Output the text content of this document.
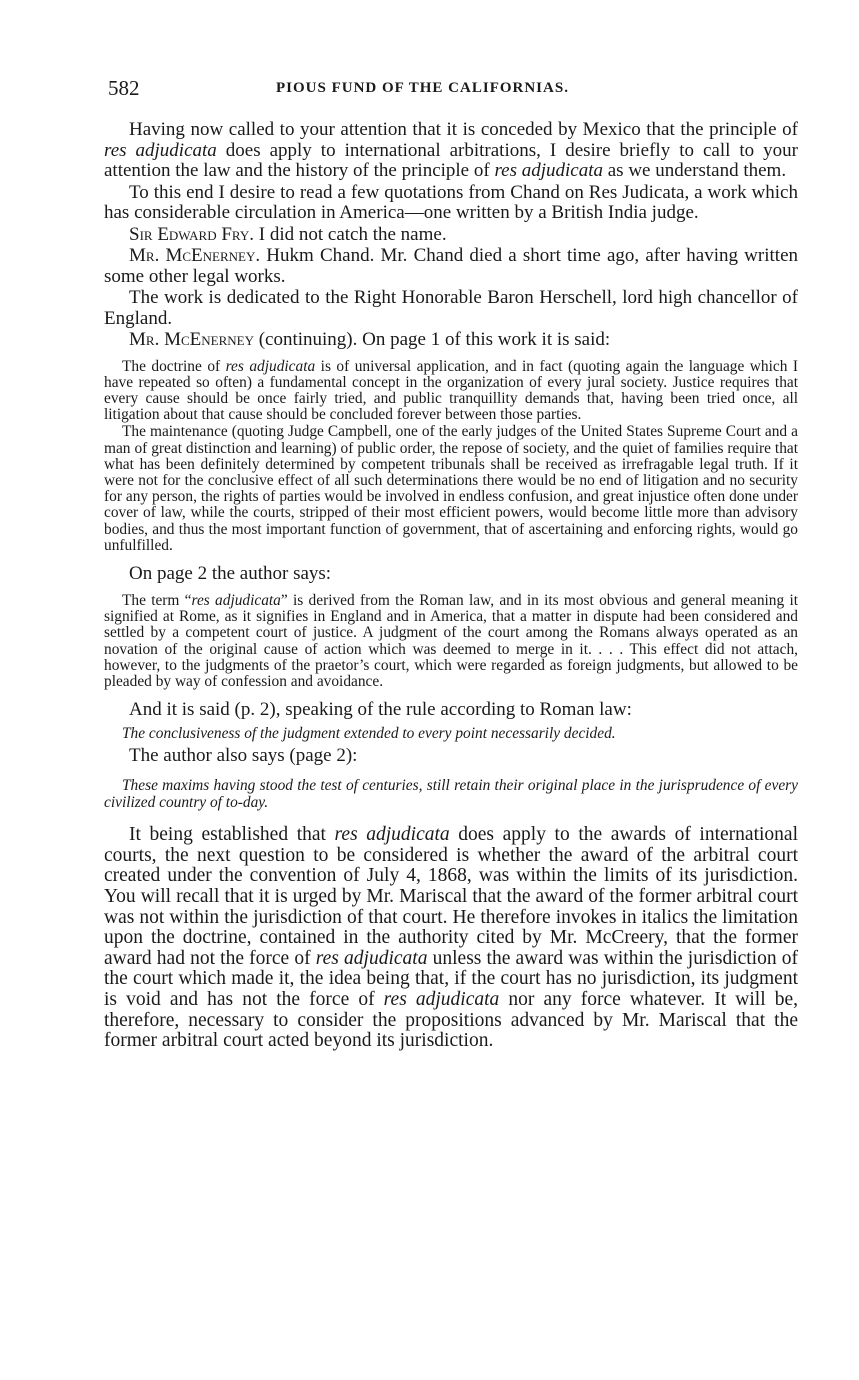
582	PIOUS FUND OF THE CALIFORNIAS.

Having now called to your attention that it is conceded by Mexico that the principle of res adjudicata does apply to international arbitrations, I desire briefly to call to your attention the law and the history of the principle of res adjudicata as we understand them.

To this end I desire to read a few quotations from Chand on Res Judicata, a work which has considerable circulation in America—one written by a British India judge.

Sir Edward Fry. I did not catch the name.

Mr. McEnerney. Hukm Chand. Mr. Chand died a short time ago, after having written some other legal works.

The work is dedicated to the Right Honorable Baron Herschell, lord high chancellor of England.

Mr. McEnerney (continuing). On page 1 of this work it is said:

The doctrine of res adjudicata is of universal application, and in fact (quoting again the language which I have repeated so often) a fundamental concept in the organization of every jural society. Justice requires that every cause should be once fairly tried, and public tranquillity demands that, having been tried once, all litigation about that cause should be concluded forever between those parties.

The maintenance (quoting Judge Campbell, one of the early judges of the United States Supreme Court and a man of great distinction and learning) of public order, the repose of society, and the quiet of families require that what has been definitely determined by competent tribunals shall be received as irrefragable legal truth. If it were not for the conclusive effect of all such determinations there would be no end of litigation and no security for any person, the rights of parties would be involved in endless confusion, and great injustice often done under cover of law, while the courts, stripped of their most efficient powers, would become little more than advisory bodies, and thus the most important function of government, that of ascertaining and enforcing rights, would go unfulfilled.

On page 2 the author says:

The term “res adjudicata” is derived from the Roman law, and in its most obvious and general meaning it signified at Rome, as it signifies in England and in America, that a matter in dispute had been considered and settled by a competent court of justice. A judgment of the court among the Romans always operated as an novation of the original cause of action which was deemed to merge in it. . . . This effect did not attach, however, to the judgments of the praetor’s court, which were regarded as foreign judgments, but allowed to be pleaded by way of confession and avoidance.

And it is said (p. 2), speaking of the rule according to Roman law:

The conclusiveness of the judgment extended to every point necessarily decided.

The author also says (page 2):

These maxims having stood the test of centuries, still retain their original place in the jurisprudence of every civilized country of to-day.

It being established that res adjudicata does apply to the awards of international courts, the next question to be considered is whether the award of the arbitral court created under the convention of July 4, 1868, was within the limits of its jurisdiction. You will recall that it is urged by Mr. Mariscal that the award of the former arbitral court was not within the jurisdiction of that court. He therefore invokes in italics the limitation upon the doctrine, contained in the authority cited by Mr. McCreery, that the former award had not the force of res adjudicata unless the award was within the jurisdiction of the court which made it, the idea being that, if the court has no jurisdiction, its judgment is void and has not the force of res adjudicata nor any force whatever. It will be, therefore, necessary to consider the propositions advanced by Mr. Mariscal that the former arbitral court acted beyond its jurisdiction.
